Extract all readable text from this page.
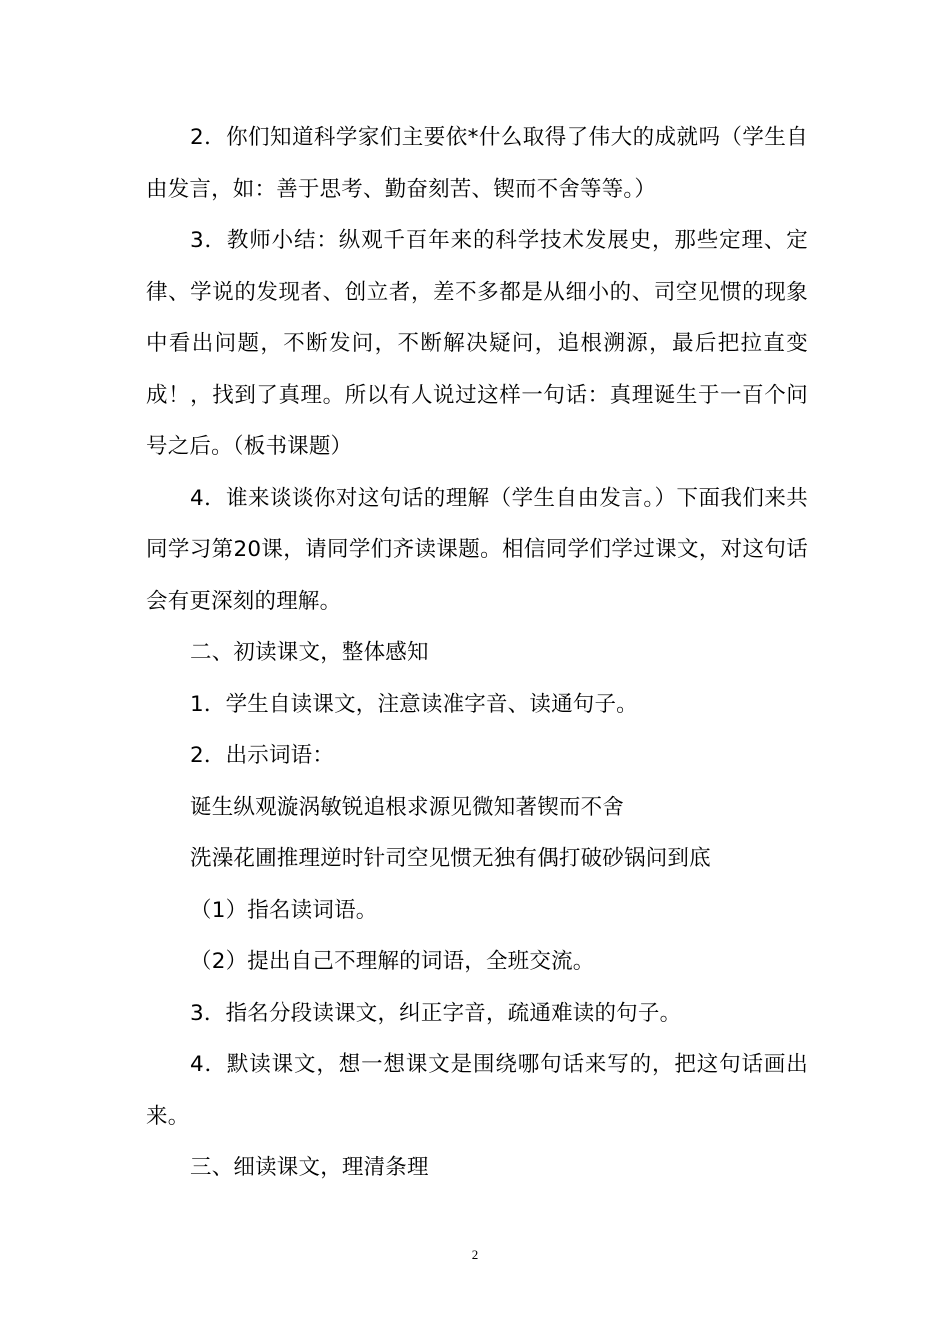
2．你们知道科学家们主要依*什么取得了伟大的成就吗（学生自由发言，如：善于思考、勤奋刻苦、锲而不舍等等。）

3．教师小结：纵观千百年来的科学技术发展史，那些定理、定律、学说的发现者、创立者，差不多都是从细小的、司空见惯的现象中看出问题，不断发问，不断解决疑问，追根溯源，最后把拉直变成！，找到了真理。所以有人说过这样一句话：真理诞生于一百个问号之后。（板书课题）

4．谁来谈谈你对这句话的理解（学生自由发言。）下面我们来共同学习第20课，请同学们齐读课题。相信同学们学过课文，对这句话会有更深刻的理解。

二、初读课文，整体感知

1．学生自读课文，注意读准字音、读通句子。

2．出示词语：

诞生纵观漩涡敏锐追根求源见微知著锲而不舍

洗澡花圃推理逆时针司空见惯无独有偶打破砂锅问到底

（1）指名读词语。

（2）提出自己不理解的词语，全班交流。

3．指名分段读课文，纠正字音，疏通难读的句子。

4．默读课文，想一想课文是围绕哪句话来写的，把这句话画出来。

三、细读课文，理清条理

2
